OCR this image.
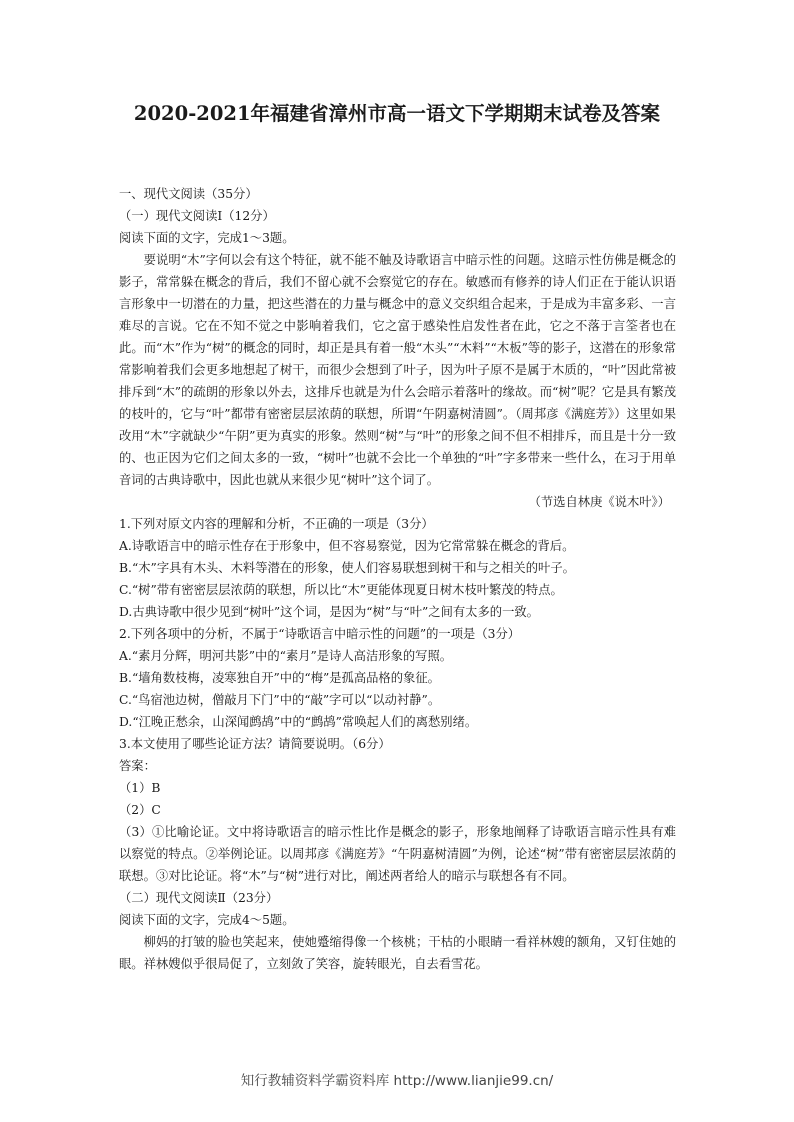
2020-2021年福建省漳州市高一语文下学期期末试卷及答案
一、现代文阅读（35分）
（一）现代文阅读Ⅰ（12分）
阅读下面的文字，完成1～3题。
要说明“木”字何以会有这个特征，就不能不触及诗歌语言中暗示性的问题。这暗示性仿佛是概念的影子，常常躲在概念的背后，我们不留心就不会察觉它的存在。敏感而有修养的诗人们正在于能认识语言形象中一切潜在的力量，把这些潜在的力量与概念中的意义交织组合起来，于是成为丰富多彩、一言难尽的言说。它在不知不觉之中影响着我们，它之富于感染性启发性者在此，它之不落于言筌者也在此。而“木”作为“树”的概念的同时，却正是具有着一般“木头”“木料”“木板”等的影子，这潜在的形象常常影响着我们会更多地想起了树干，而很少会想到了叶子，因为叶子原不是属于木质的，“叶”因此常被排斥到“木”的疏朗的形象以外去，这排斥也就是为什么会暗示着落叶的缘故。而“树”呢？它是具有繁茂的枝叶的，它与“叶”都带有密密层层浓荫的联想，所谓“午阴嘉树清圆”。（周邦彦《满庭芳》）这里如果改用“木”字就缺少“午阴”更为真实的形象。然则“树”与“叶”的形象之间不但不相排斥，而且是十分一致的、也正因为它们之间太多的一致，“树叶”也就不会比一个单独的“叶”字多带来一些什么，在习于用单音词的古典诗歌中，因此也就从来很少见“树叶”这个词了。
（节选自林庚《说木叶》）
1.下列对原文内容的理解和分析，不正确的一项是（3分）
A.诗歌语言中的暗示性存在于形象中，但不容易察觉，因为它常常躲在概念的背后。
B.“木”字具有木头、木料等潜在的形象，使人们容易联想到树干和与之相关的叶子。
C.“树”带有密密层层浓荫的联想，所以比“木”更能体现夏日树木枝叶繁茂的特点。
D.古典诗歌中很少见到“树叶”这个词，是因为“树”与“叶”之间有太多的一致。
2.下列各项中的分析，不属于“诗歌语言中暗示性的问题”的一项是（3分）
A.“素月分辉，明河共影”中的“素月”是诗人高洁形象的写照。
B.“墙角数枝梅，凌寒独自开”中的“梅”是孤高品格的象征。
C.“鸟宿池边树，僧敲月下门”中的“敲”字可以“以动衬静”。
D.“江晚正愁余，山深闻鹧鸪”中的“鹧鸪”常唤起人们的离愁别绪。
3.本文使用了哪些论证方法？请简要说明。（6分）
答案：
（1）B
（2）C
（3）①比喻论证。文中将诗歌语言的暗示性比作是概念的影子，形象地阐释了诗歌语言暗示性具有难以察觉的特点。②举例论证。以周邦彦《满庭芳》“午阴嘉树清圆”为例，论述“树”带有密密层层浓荫的联想。③对比论证。将“木”与“树”进行对比，阐述两者给人的暗示与联想各有不同。
（二）现代文阅读Ⅱ（23分）
阅读下面的文字，完成4～5题。
柳妈的打皱的脸也笑起来，使她蹙缩得像一个核桃；干枯的小眼睛一看祥林嫂的额角，又钉住她的眼。祥林嫂似乎很局促了，立刻敛了笑容，旋转眼光，自去看雪花。
知行教辅资料学霸资料库 http://www.lianjie99.cn/
